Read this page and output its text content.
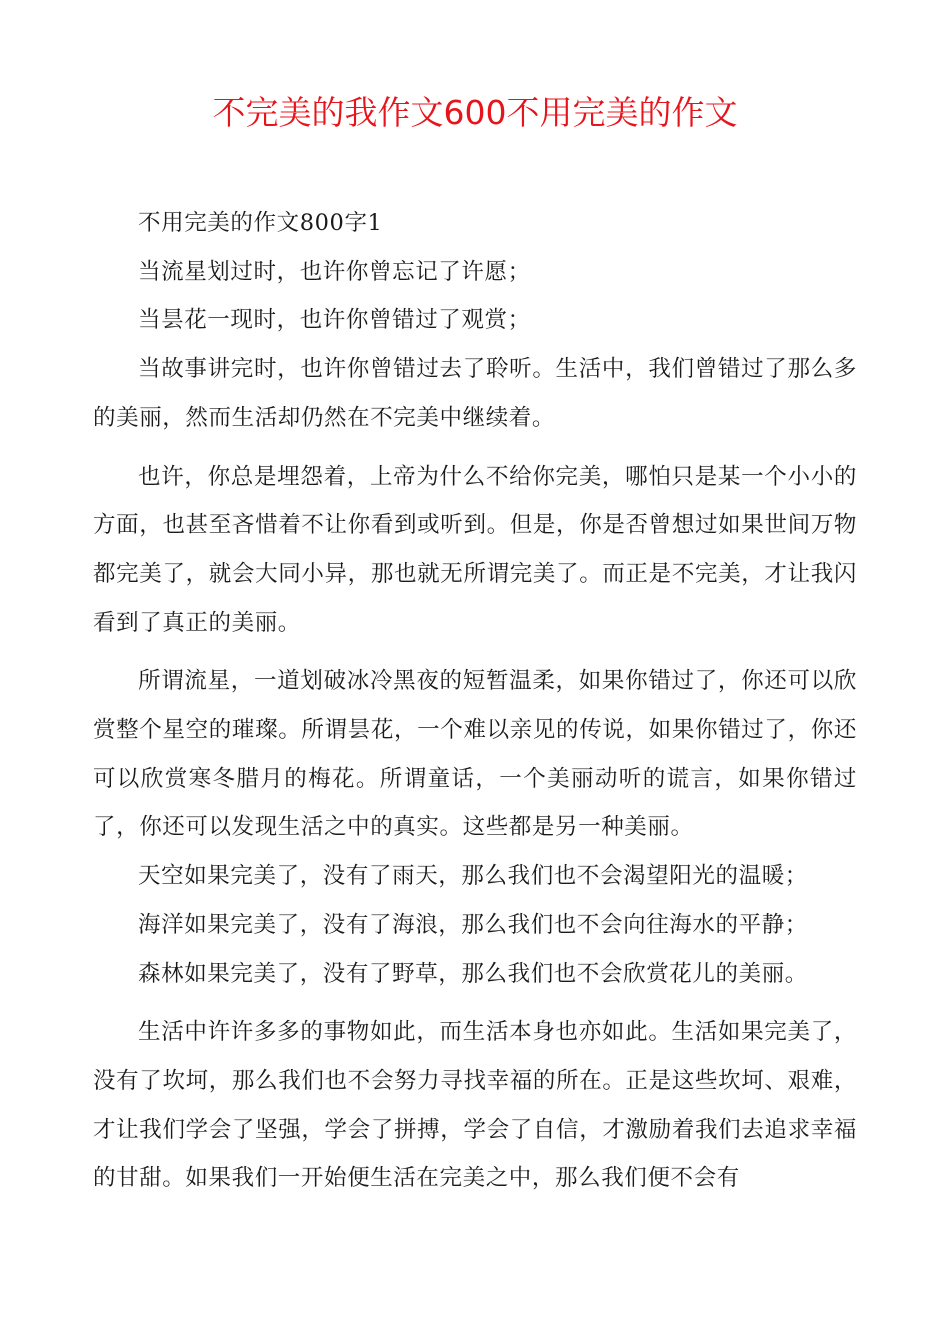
不完美的我作文600不用完美的作文

不用完美的作文800字1

当流星划过时，也许你曾忘记了许愿；

当昙花一现时，也许你曾错过了观赏；

当故事讲完时，也许你曾错过去了聆听。生活中，我们曾错过了那么多的美丽，然而生活却仍然在不完美中继续着。

也许，你总是埋怨着，上帝为什么不给你完美，哪怕只是某一个小小的方面，也甚至吝惜着不让你看到或听到。但是，你是否曾想过如果世间万物都完美了，就会大同小异，那也就无所谓完美了。而正是不完美，才让我闪看到了真正的美丽。

所谓流星，一道划破冰冷黑夜的短暂温柔，如果你错过了，你还可以欣赏整个星空的璀璨。所谓昙花，一个难以亲见的传说，如果你错过了，你还可以欣赏寒冬腊月的梅花。所谓童话，一个美丽动听的谎言，如果你错过了，你还可以发现生活之中的真实。这些都是另一种美丽。

天空如果完美了，没有了雨天，那么我们也不会渴望阳光的温暖；

海洋如果完美了，没有了海浪，那么我们也不会向往海水的平静；

森林如果完美了，没有了野草，那么我们也不会欣赏花儿的美丽。

生活中许许多多的事物如此，而生活本身也亦如此。生活如果完美了，没有了坎坷，那么我们也不会努力寻找幸福的所在。正是这些坎坷、艰难，才让我们学会了坚强，学会了拼搏，学会了自信，才激励着我们去追求幸福的甘甜。如果我们一开始便生活在完美之中，那么我们便不会有
